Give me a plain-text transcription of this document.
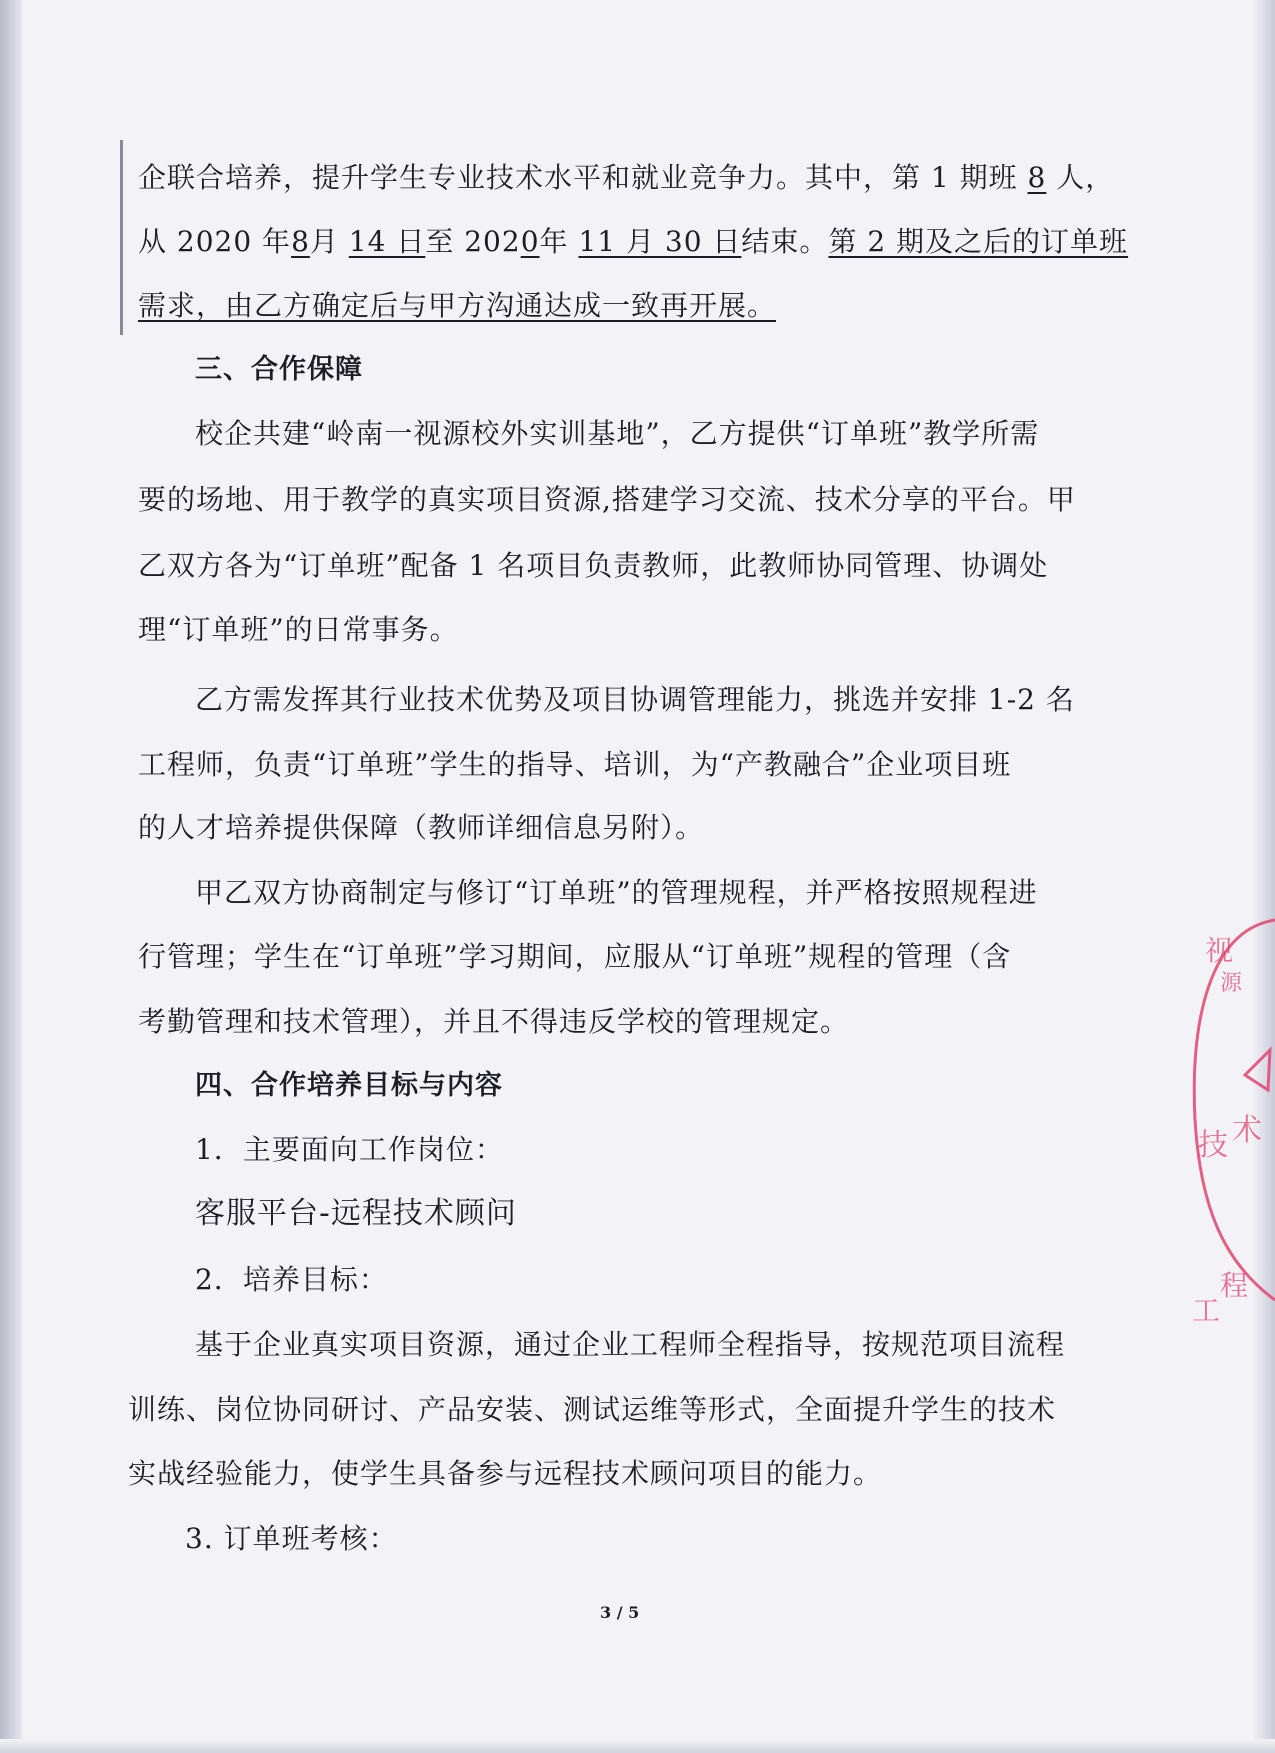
企联合培养，提升学生专业技术水平和就业竞争力。其中，第 1 期班 8 人，
从 2020 年8月 14 日至 2020年 11 月 30 日结束。第 2 期及之后的订单班
需求，由乙方确定后与甲方沟通达成一致再开展。
三、合作保障
校企共建“岭南一视源校外实训基地”，乙方提供“订单班”教学所需
要的场地、用于教学的真实项目资源,搭建学习交流、技术分享的平台。甲
乙双方各为“订单班”配备 1 名项目负责教师，此教师协同管理、协调处
理“订单班”的日常事务。
乙方需发挥其行业技术优势及项目协调管理能力，挑选并安排 1-2 名
工程师，负责“订单班”学生的指导、培训，为“产教融合”企业项目班
的人才培养提供保障（教师详细信息另附）。
甲乙双方协商制定与修订“订单班”的管理规程，并严格按照规程进
行管理；学生在“订单班”学习期间，应服从“订单班”规程的管理（含
考勤管理和技术管理），并且不得违反学校的管理规定。
四、合作培养目标与内容
1．主要面向工作岗位：
客服平台-远程技术顾问
2．培养目标：
基于企业真实项目资源，通过企业工程师全程指导，按规范项目流程
训练、岗位协同研讨、产品安装、测试运维等形式，全面提升学生的技术
实战经验能力，使学生具备参与远程技术顾问项目的能力。
3. 订单班考核：
3 / 5
视
源
技 术
程
工
